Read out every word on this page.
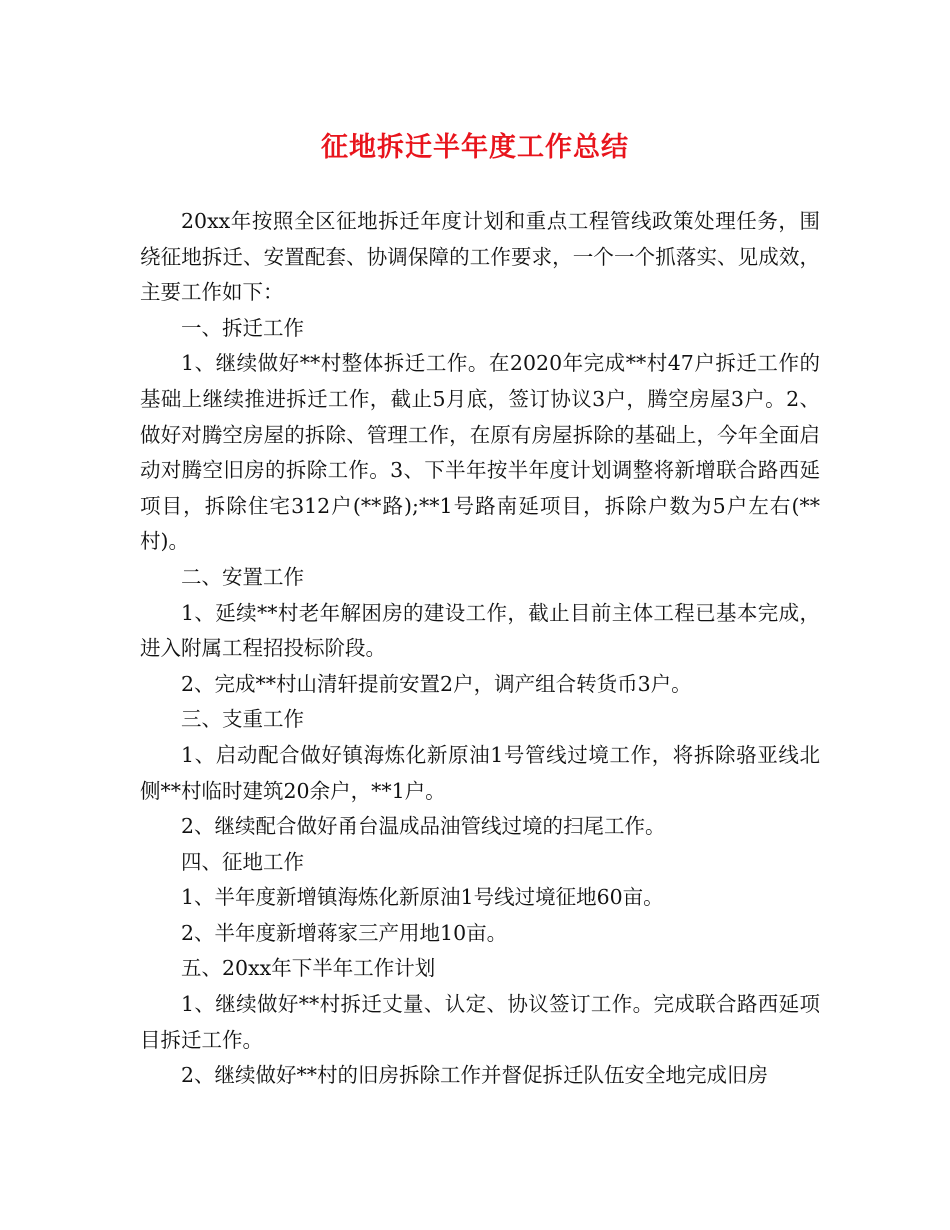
征地拆迁半年度工作总结

20xx年按照全区征地拆迁年度计划和重点工程管线政策处理任务，围绕征地拆迁、安置配套、协调保障的工作要求，一个一个抓落实、见成效，主要工作如下：

一、拆迁工作

1、继续做好**村整体拆迁工作。在2020年完成**村47户拆迁工作的基础上继续推进拆迁工作，截止5月底，签订协议3户，腾空房屋3户。2、做好对腾空房屋的拆除、管理工作，在原有房屋拆除的基础上，今年全面启动对腾空旧房的拆除工作。3、下半年按半年度计划调整将新增联合路西延项目，拆除住宅312户(**路);**1号路南延项目，拆除户数为5户左右(**村)。

二、安置工作

1、延续**村老年解困房的建设工作，截止目前主体工程已基本完成，进入附属工程招投标阶段。

2、完成**村山清轩提前安置2户，调产组合转货币3户。

三、支重工作

1、启动配合做好镇海炼化新原油1号管线过境工作，将拆除骆亚线北侧**村临时建筑20余户，**1户。

2、继续配合做好甬台温成品油管线过境的扫尾工作。

四、征地工作

1、半年度新增镇海炼化新原油1号线过境征地60亩。

2、半年度新增蒋家三产用地10亩。

五、20xx年下半年工作计划

1、继续做好**村拆迁丈量、认定、协议签订工作。完成联合路西延项目拆迁工作。

2、继续做好**村的旧房拆除工作并督促拆迁队伍安全地完成旧房
